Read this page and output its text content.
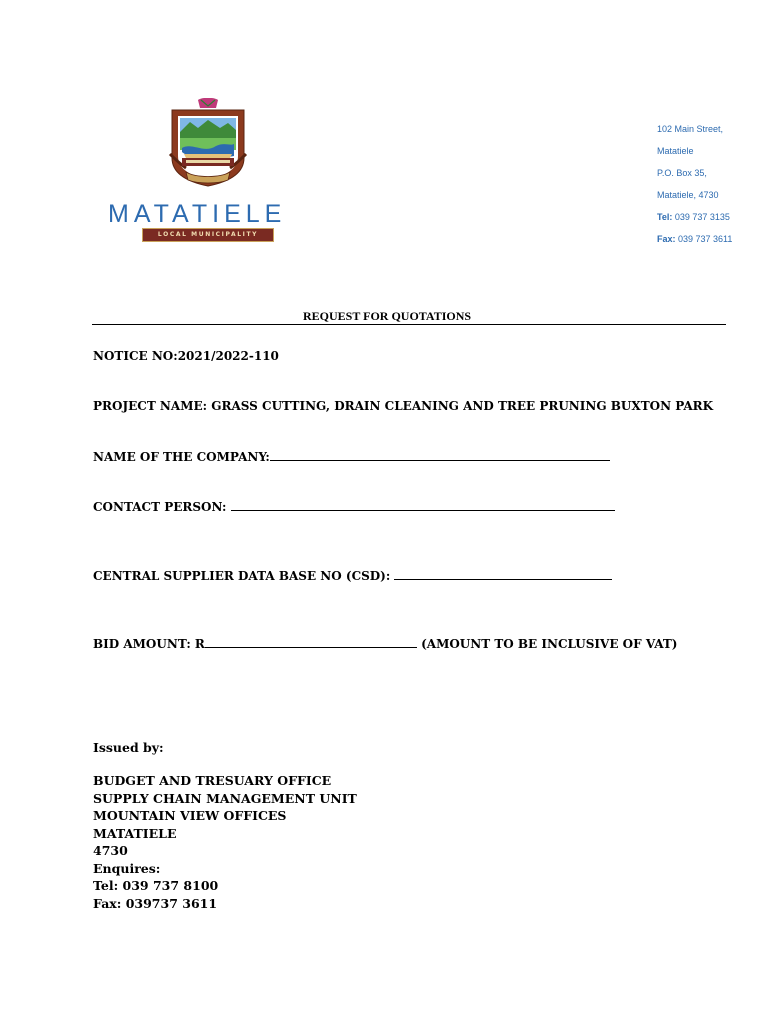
MATATIELE
LOCAL MUNICIPALITY
102 Main Street,
Matatiele
P.O. Box 35,
Matatiele, 4730
Tel: 039 737 3135
Fax: 039 737 3611
REQUEST FOR QUOTATIONS
NOTICE NO:2021/2022-110
PROJECT NAME: GRASS CUTTING, DRAIN CLEANING AND TREE PRUNING BUXTON PARK
NAME OF THE COMPANY:
CONTACT PERSON:
CENTRAL SUPPLIER DATA BASE NO (CSD):
BID AMOUNT: R	(AMOUNT TO BE INCLUSIVE OF VAT)
Issued by:
BUDGET AND TRESUARY OFFICE
SUPPLY CHAIN MANAGEMENT UNIT
MOUNTAIN VIEW OFFICES
MATATIELE
4730
Enquires:
Tel: 039 737 8100
Fax: 039737 3611
